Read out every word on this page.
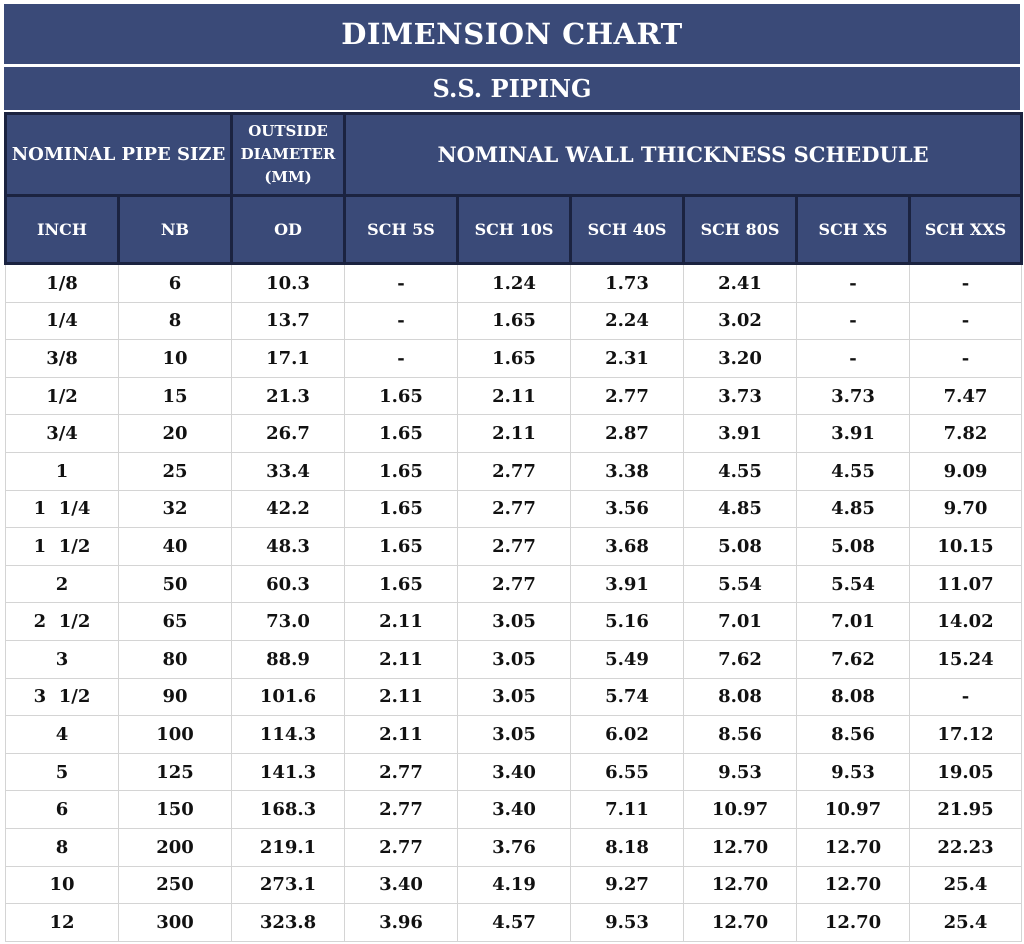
DIMENSION CHART
S.S. PIPING
NOMINAL PIPE SIZE		OUTSIDE DIAMETER (MM)	NOMINAL WALL THICKNESS SCHEDULE					
INCH	NB	OD	SCH 5S	SCH 10S	SCH 40S	SCH 80S	SCH XS	SCH XXS
1/8	6	10.3	-	1.24	1.73	2.41	-	-
1/4	8	13.7	-	1.65	2.24	3.02	-	-
3/8	10	17.1	-	1.65	2.31	3.20	-	-
1/2	15	21.3	1.65	2.11	2.77	3.73	3.73	7.47
3/4	20	26.7	1.65	2.11	2.87	3.91	3.91	7.82
1	25	33.4	1.65	2.77	3.38	4.55	4.55	9.09
1  1/4	32	42.2	1.65	2.77	3.56	4.85	4.85	9.70
1  1/2	40	48.3	1.65	2.77	3.68	5.08	5.08	10.15
2	50	60.3	1.65	2.77	3.91	5.54	5.54	11.07
2  1/2	65	73.0	2.11	3.05	5.16	7.01	7.01	14.02
3	80	88.9	2.11	3.05	5.49	7.62	7.62	15.24
3  1/2	90	101.6	2.11	3.05	5.74	8.08	8.08	-
4	100	114.3	2.11	3.05	6.02	8.56	8.56	17.12
5	125	141.3	2.77	3.40	6.55	9.53	9.53	19.05
6	150	168.3	2.77	3.40	7.11	10.97	10.97	21.95
8	200	219.1	2.77	3.76	8.18	12.70	12.70	22.23
10	250	273.1	3.40	4.19	9.27	12.70	12.70	25.4
12	300	323.8	3.96	4.57	9.53	12.70	12.70	25.4
